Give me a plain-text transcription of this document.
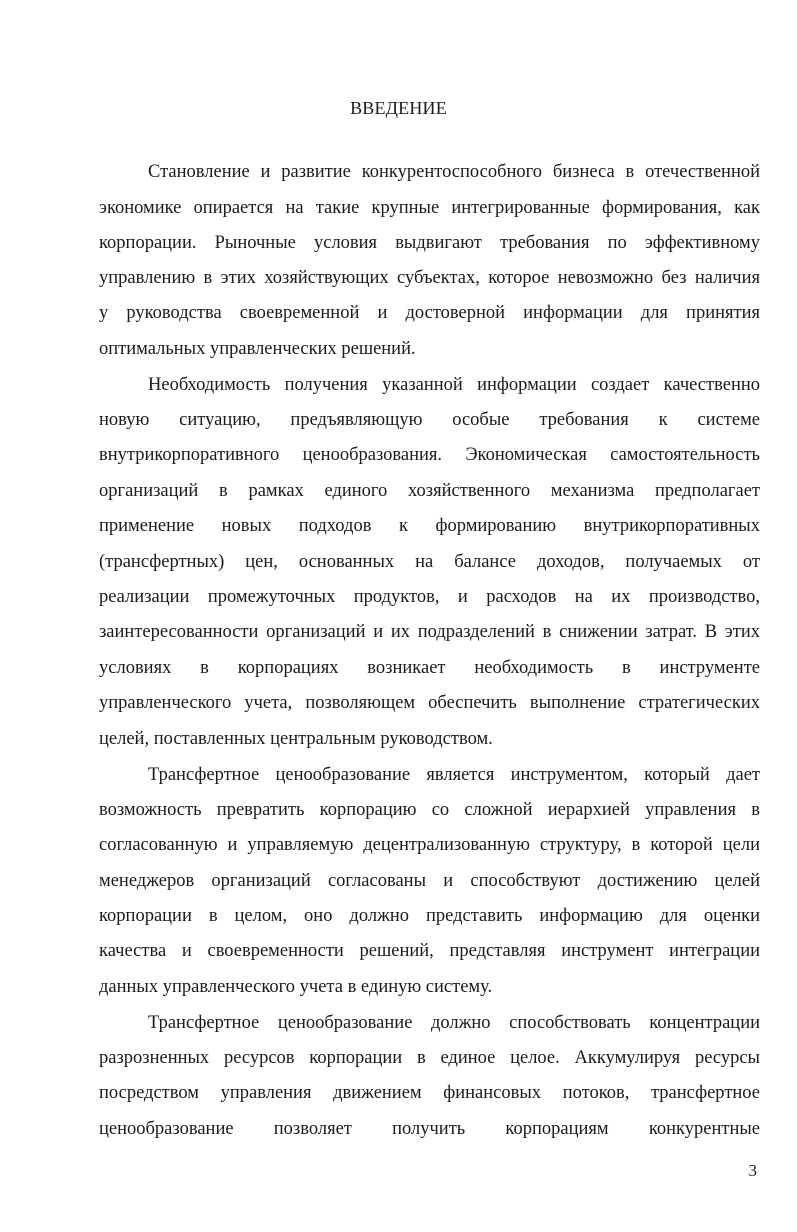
ВВЕДЕНИЕ
Становление и развитие конкурентоспособного бизнеса в отечественной
экономике опирается на такие крупные интегрированные формирования, как
корпорации. Рыночные условия выдвигают требования по эффективному
управлению в этих хозяйствующих субъектах, которое невозможно без наличия
у руководства своевременной и достоверной информации для принятия
оптимальных управленческих решений.
Необходимость получения указанной информации создает качественно
новую ситуацию, предъявляющую особые требования к системе
внутрикорпоративного ценообразования. Экономическая самостоятельность
организаций в рамках единого хозяйственного механизма предполагает
применение новых подходов к формированию внутрикорпоративных
(трансфертных) цен, основанных на балансе доходов, получаемых от
реализации промежуточных продуктов, и расходов на их производство,
заинтересованности организаций и их подразделений в снижении затрат. В этих
условиях в корпорациях возникает необходимость в инструменте
управленческого учета, позволяющем обеспечить выполнение стратегических
целей, поставленных центральным руководством.
Трансфертное ценообразование является инструментом, который дает
возможность превратить корпорацию со сложной иерархией управления в
согласованную и управляемую децентрализованную структуру, в которой цели
менеджеров организаций согласованы и способствуют достижению целей
корпорации в целом, оно должно представить информацию для оценки
качества и своевременности решений, представляя инструмент интеграции
данных управленческого учета в единую систему.
Трансфертное ценообразование должно способствовать концентрации
разрозненных ресурсов корпорации в единое целое. Аккумулируя ресурсы
посредством управления движением финансовых потоков, трансфертное
ценообразование позволяет получить корпорациям конкурентные
3
